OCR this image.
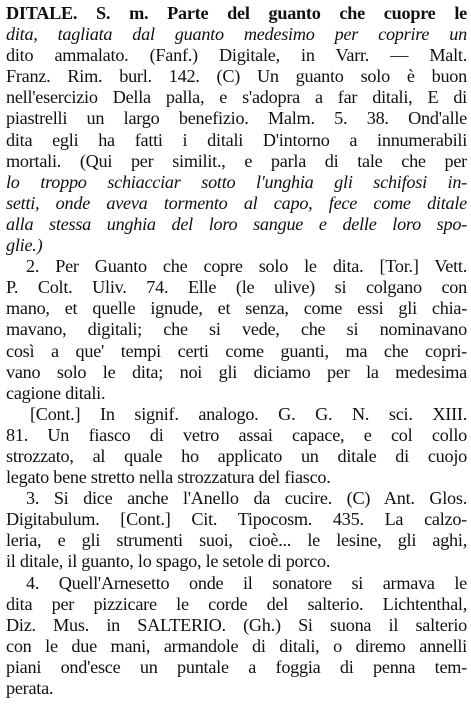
DITALE. S. m. Parte del guanto che cuopre le
dita, tagliata dal guanto medesimo per coprire un
dito ammalato. (Fanf.) Digitale, in Varr. — Malt.
Franz. Rim. burl. 142. (C) Un guanto solo è buon
nell'esercizio Della palla, e s'adopra a far ditali, E di
piastrelli un largo benefizio. Malm. 5. 38. Ond'alle
dita egli ha fatti i ditali D'intorno a innumerabili
mortali. (Qui per similit., e parla di tale che per
lo troppo schiacciar sotto l'unghia gli schifosi in-
setti, onde aveva tormento al capo, fece come ditale
alla stessa unghia del loro sangue e delle loro spo-
glie.)
2. Per Guanto che copre solo le dita. [Tor.] Vett.
P. Colt. Uliv. 74. Elle (le ulive) si colgano con
mano, et quelle ignude, et senza, come essi gli chia-
mavano, digitali; che si vede, che si nominavano
così a que' tempi certi come guanti, ma che copri-
vano solo le dita; noi gli diciamo per la medesima
cagione ditali.
[Cont.] In signif. analogo. G. G. N. sci. XIII.
81. Un fiasco di vetro assai capace, e col collo
strozzato, al quale ho applicato un ditale di cuojo
legato bene stretto nella strozzatura del fiasco.
3. Si dice anche l'Anello da cucire. (C) Ant. Glos.
Digitabulum. [Cont.] Cit. Tipocosm. 435. La calzo-
leria, e gli strumenti suoi, cioè... le lesine, gli aghi,
il ditale, il guanto, lo spago, le setole di porco.
4. Quell'Arnesetto onde il sonatore si armava le
dita per pizzicare le corde del salterio. Lichtenthal,
Diz. Mus. in SALTERIO. (Gh.) Si suona il salterio
con le due mani, armandole di ditali, o diremo annelli
piani ond'esce un puntale a foggia di penna tem-
perata.
